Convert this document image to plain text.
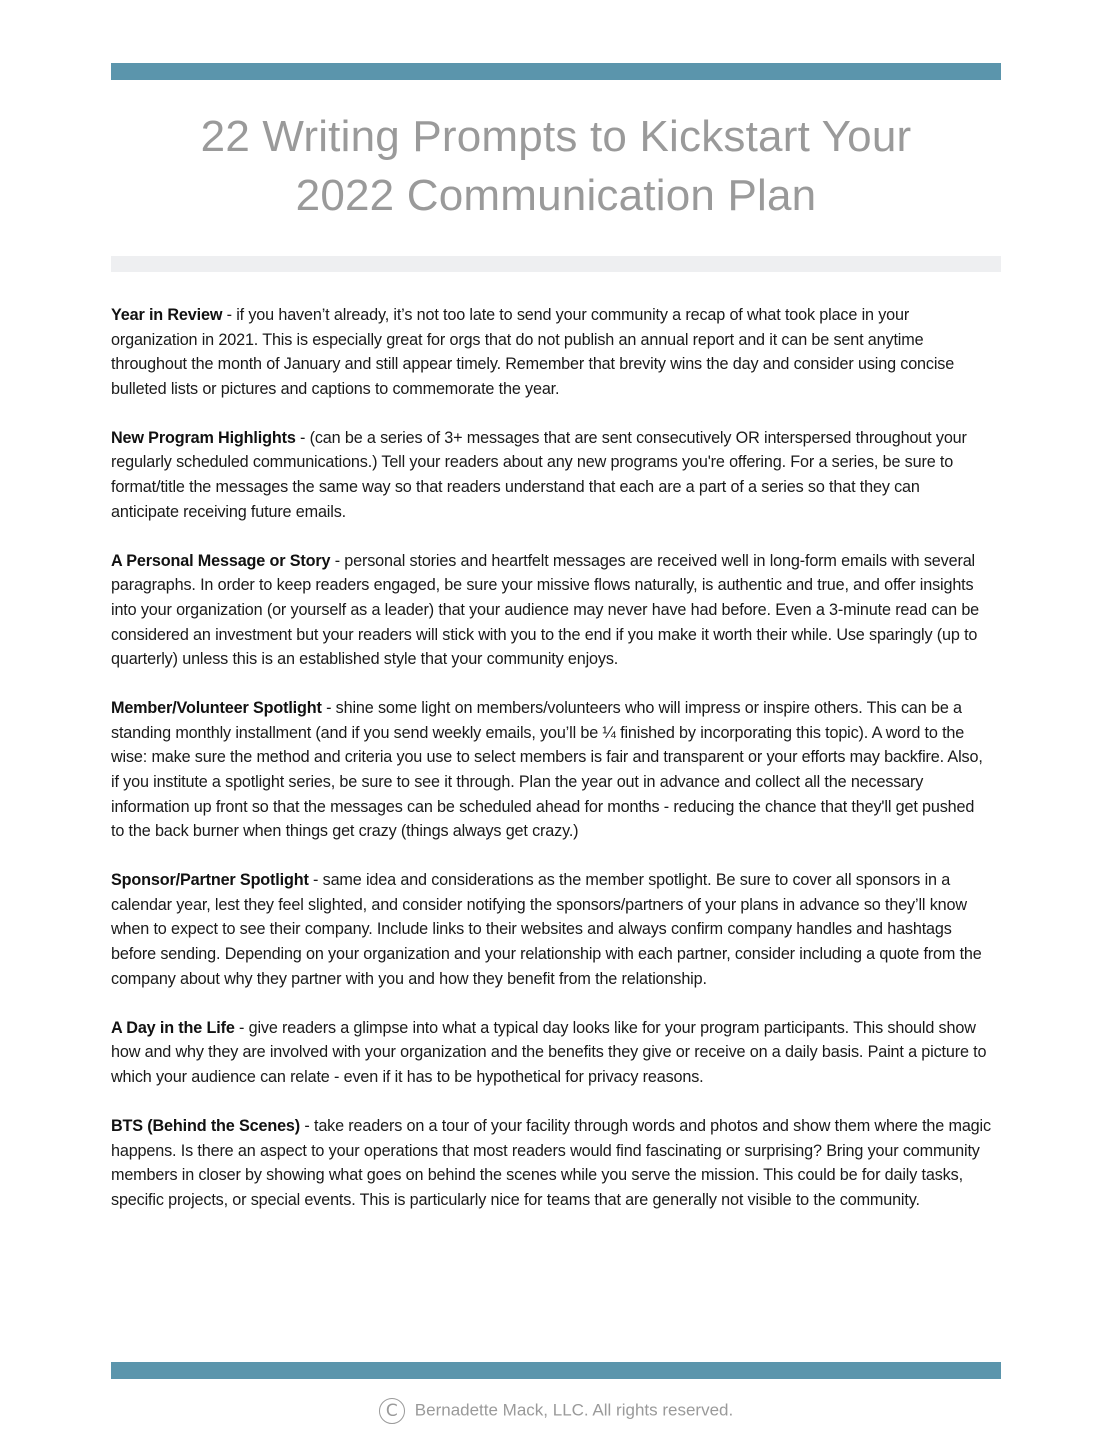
22 Writing Prompts to Kickstart Your
2022 Communication Plan

Year in Review - if you haven’t already, it’s not too late to send your community a recap of what took place in your organization in 2021. This is especially great for orgs that do not publish an annual report and it can be sent anytime throughout the month of January and still appear timely. Remember that brevity wins the day and consider using concise bulleted lists or pictures and captions to commemorate the year.

New Program Highlights - (can be a series of 3+ messages that are sent consecutively OR interspersed throughout your regularly scheduled communications.) Tell your readers about any new programs you're offering. For a series, be sure to format/title the messages the same way so that readers understand that each are a part of a series so that they can anticipate receiving future emails.

A Personal Message or Story - personal stories and heartfelt messages are received well in long-form emails with several paragraphs. In order to keep readers engaged, be sure your missive flows naturally, is authentic and true, and offer insights into your organization (or yourself as a leader) that your audience may never have had before. Even a 3-minute read can be considered an investment but your readers will stick with you to the end if you make it worth their while. Use sparingly (up to quarterly) unless this is an established style that your community enjoys.

Member/Volunteer Spotlight - shine some light on members/volunteers who will impress or inspire others. This can be a standing monthly installment (and if you send weekly emails, you’ll be ¼ finished by incorporating this topic). A word to the wise: make sure the method and criteria you use to select members is fair and transparent or your efforts may backfire. Also, if you institute a spotlight series, be sure to see it through. Plan the year out in advance and collect all the necessary information up front so that the messages can be scheduled ahead for months - reducing the chance that they'll get pushed to the back burner when things get crazy (things always get crazy.)

Sponsor/Partner Spotlight - same idea and considerations as the member spotlight. Be sure to cover all sponsors in a calendar year, lest they feel slighted, and consider notifying the sponsors/partners of your plans in advance so they’ll know when to expect to see their company. Include links to their websites and always confirm company handles and hashtags before sending. Depending on your organization and your relationship with each partner, consider including a quote from the company about why they partner with you and how they benefit from the relationship.

A Day in the Life - give readers a glimpse into what a typical day looks like for your program participants. This should show how and why they are involved with your organization and the benefits they give or receive on a daily basis. Paint a picture to which your audience can relate - even if it has to be hypothetical for privacy reasons.

BTS (Behind the Scenes) - take readers on a tour of your facility through words and photos and show them where the magic happens. Is there an aspect to your operations that most readers would find fascinating or surprising? Bring your community members in closer by showing what goes on behind the scenes while you serve the mission. This could be for daily tasks, specific projects, or special events. This is particularly nice for teams that are generally not visible to the community.

C Bernadette Mack, LLC. All rights reserved.
